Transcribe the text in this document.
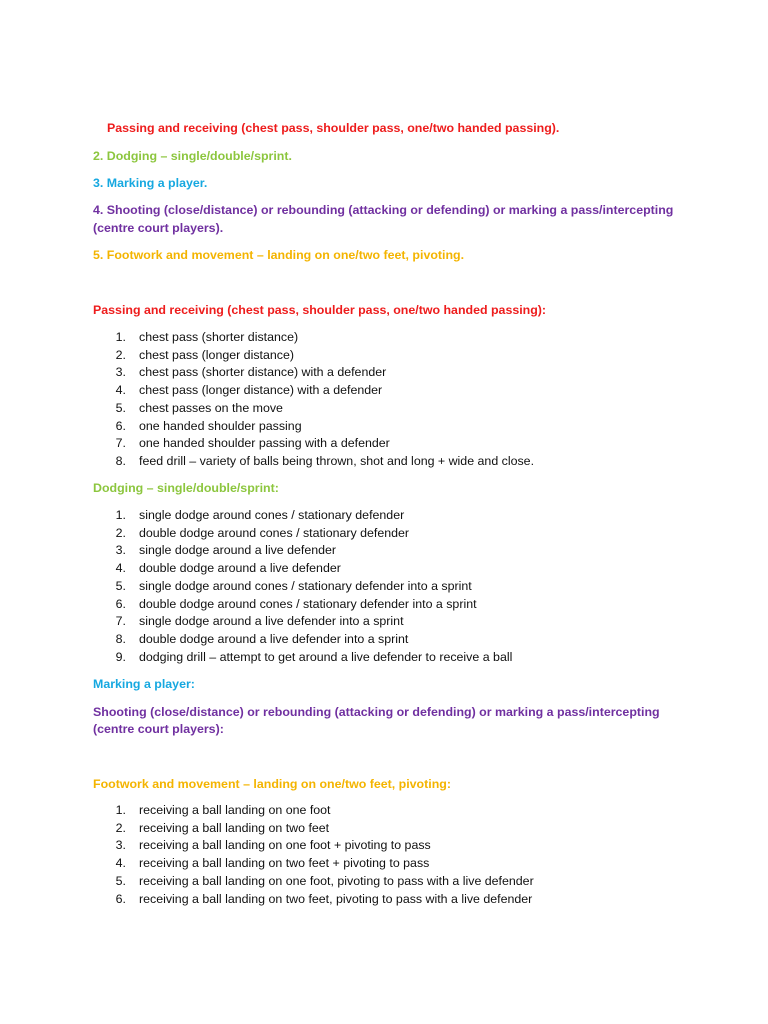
Passing and receiving (chest pass, shoulder pass, one/two handed passing).
2. Dodging – single/double/sprint.
3. Marking a player.
4. Shooting (close/distance) or rebounding (attacking or defending) or marking a pass/intercepting
(centre court players).
5. Footwork and movement – landing on one/two feet, pivoting.
Passing and receiving (chest pass, shoulder pass, one/two handed passing):
1. chest pass (shorter distance)
2. chest pass (longer distance)
3. chest pass (shorter distance) with a defender
4. chest pass (longer distance) with a defender
5. chest passes on the move
6. one handed shoulder passing
7. one handed shoulder passing with a defender
8. feed drill – variety of balls being thrown, shot and long + wide and close.
Dodging – single/double/sprint:
1. single dodge around cones / stationary defender
2. double dodge around cones / stationary defender
3. single dodge around a live defender
4. double dodge around a live defender
5. single dodge around cones / stationary defender into a sprint
6. double dodge around cones / stationary defender into a sprint
7. single dodge around a live defender into a sprint
8. double dodge around a live defender into a sprint
9. dodging drill – attempt to get around a live defender to receive a ball
Marking a player:
Shooting (close/distance) or rebounding (attacking or defending) or marking a pass/intercepting
(centre court players):
Footwork and movement – landing on one/two feet, pivoting:
1. receiving a ball landing on one foot
2. receiving a ball landing on two feet
3. receiving a ball landing on one foot + pivoting to pass
4. receiving a ball landing on two feet + pivoting to pass
5. receiving a ball landing on one foot, pivoting to pass with a live defender
6. receiving a ball landing on two feet, pivoting to pass with a live defender
